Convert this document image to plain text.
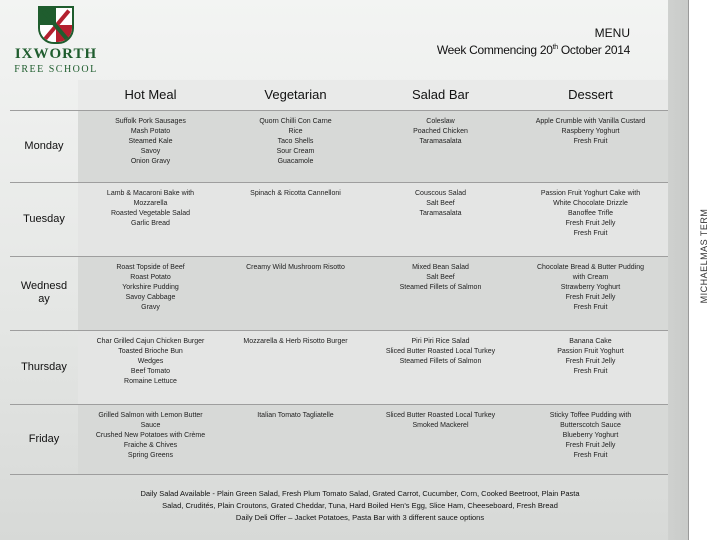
MICHAELMAS TERM
IXWORTH
FREE SCHOOL
MENU
Week Commencing 20th October 2014
	Hot Meal	Vegetarian	Salad Bar	Dessert
Monday	Suffolk Pork Sausages
Mash Potato
Steamed Kale
Savoy
Onion Gravy	Quorn Chilli Con Carne
Rice
Taco Shells
Sour Cream
Guacamole	Coleslaw
Poached Chicken
Taramasalata	Apple Crumble with Vanilla Custard
Raspberry Yoghurt
Fresh Fruit
Tuesday	Lamb & Macaroni Bake with
Mozzarella
Roasted Vegetable Salad
Garlic Bread	Spinach & Ricotta Cannelloni	Couscous Salad
Salt Beef
Taramasalata	Passion Fruit Yoghurt Cake with
White Chocolate Drizzle
Banoffee Trifle
Fresh Fruit Jelly
Fresh Fruit
Wednesd
ay	Roast Topside of Beef
Roast Potato
Yorkshire Pudding
Savoy Cabbage
Gravy	Creamy Wild Mushroom Risotto	Mixed Bean Salad
Salt Beef
Steamed Fillets of Salmon	Chocolate Bread & Butter Pudding
with Cream
Strawberry Yoghurt
Fresh Fruit Jelly
Fresh Fruit
Thursday	Char Grilled Cajun Chicken Burger
Toasted Brioche Bun
Wedges
Beef Tomato
Romaine Lettuce	Mozzarella & Herb Risotto Burger	Piri Piri Rice Salad
Sliced Butter Roasted Local Turkey
Steamed Fillets of Salmon	Banana Cake
Passion Fruit Yoghurt
Fresh Fruit Jelly
Fresh Fruit
Friday	Grilled Salmon with Lemon Butter
Sauce
Crushed New Potatoes with Crème
Fraiche & Chives
Spring Greens	Italian Tomato Tagliatelle	Sliced Butter Roasted Local Turkey
Smoked Mackerel	Sticky Toffee Pudding with
Butterscotch Sauce
Blueberry Yoghurt
Fresh Fruit Jelly
Fresh Fruit
Daily Salad Available - Plain Green Salad, Fresh Plum Tomato Salad, Grated Carrot, Cucumber, Corn, Cooked Beetroot, Plain Pasta
Salad, Crudités, Plain Croutons, Grated Cheddar, Tuna, Hard Boiled Hen's Egg, Slice Ham, Cheeseboard, Fresh Bread
Daily Deli Offer – Jacket Potatoes, Pasta Bar with 3 different sauce options
